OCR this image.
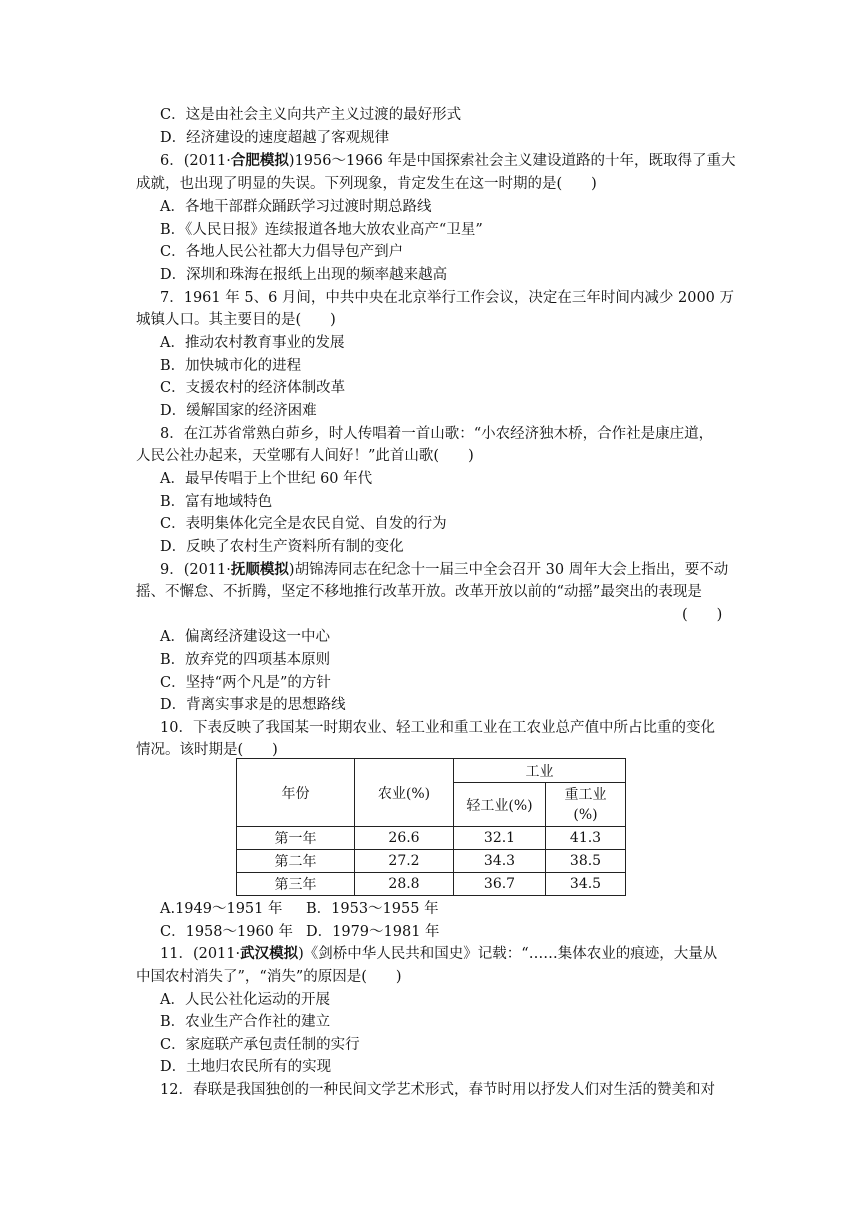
C．这是由社会主义向共产主义过渡的最好形式
D．经济建设的速度超越了客观规律
6．(2011·合肥模拟)1956～1966 年是中国探索社会主义建设道路的十年，既取得了重大
成就，也出现了明显的失误。下列现象，肯定发生在这一时期的是(　　)
A．各地干部群众踊跃学习过渡时期总路线
B．《人民日报》连续报道各地大放农业高产“卫星”
C．各地人民公社都大力倡导包产到户
D．深圳和珠海在报纸上出现的频率越来越高
7．1961 年 5、6 月间，中共中央在北京举行工作会议，决定在三年时间内减少 2000 万
城镇人口。其主要目的是(　　)
A．推动农村教育事业的发展
B．加快城市化的进程
C．支援农村的经济体制改革
D．缓解国家的经济困难
8．在江苏省常熟白茆乡，时人传唱着一首山歌：“小农经济独木桥，合作社是康庄道，
人民公社办起来，天堂哪有人间好！”此首山歌(　　)
A．最早传唱于上个世纪 60 年代
B．富有地域特色
C．表明集体化完全是农民自觉、自发的行为
D．反映了农村生产资料所有制的变化
9．(2011·抚顺模拟)胡锦涛同志在纪念十一届三中全会召开 30 周年大会上指出，要不动
摇、不懈怠、不折腾，坚定不移地推行改革开放。改革开放以前的“动摇”最突出的表现是
(　　)
A．偏离经济建设这一中心
B．放弃党的四项基本原则
C．坚持“两个凡是”的方针
D．背离实事求是的思想路线
10．下表反映了我国某一时期农业、轻工业和重工业在工农业总产值中所占比重的变化
情况。该时期是(　　)
年份	农业(%)	工业	
		轻工业(%)	重工业
(%)
第一年	26.6	32.1	41.3
第二年	27.2	34.3	38.5
第三年	28.8	36.7	34.5
A.1949～1951 年 B．1953～1955 年
C．1958～1960 年 D．1979～1981 年
11．(2011·武汉模拟)《剑桥中华人民共和国史》记载：“……集体农业的痕迹，大量从
中国农村消失了”，“消失”的原因是(　　)
A．人民公社化运动的开展
B．农业生产合作社的建立
C．家庭联产承包责任制的实行
D．土地归农民所有的实现
12．春联是我国独创的一种民间文学艺术形式，春节时用以抒发人们对生活的赞美和对
